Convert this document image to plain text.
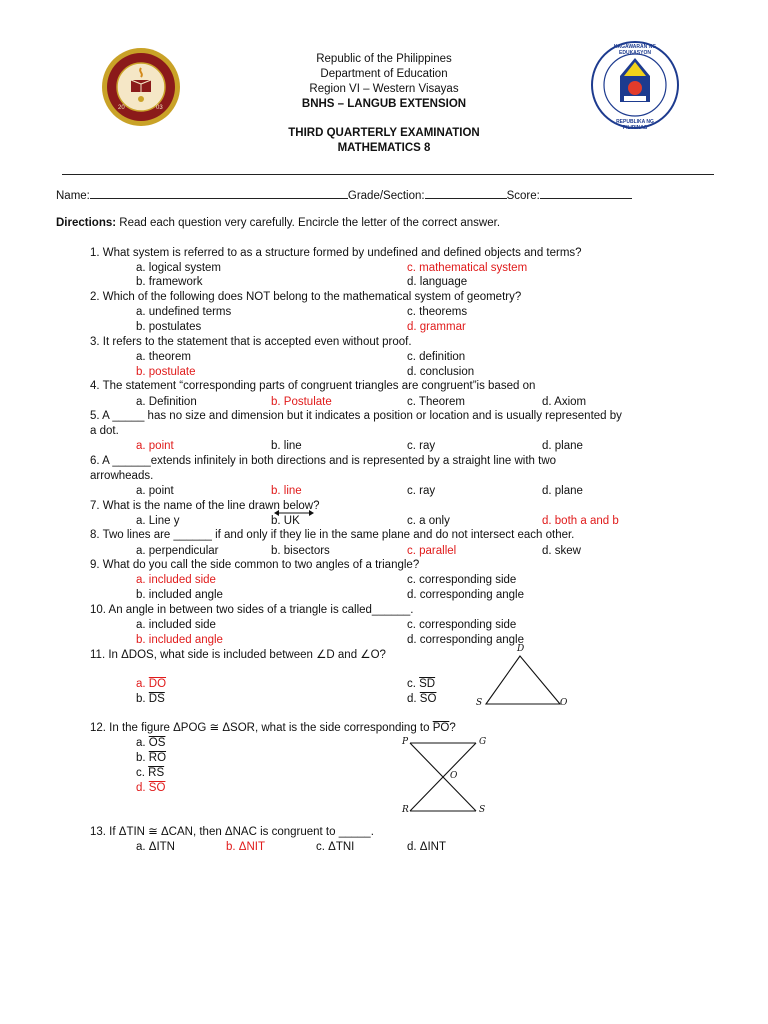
20	03
KAGAWARAN NG EDUKASYON
REPUBLIKA NG PILIPINAS
Republic of the Philippines
Department of Education
Region VI – Western Visayas
BNHS – LANGUB EXTENSION
THIRD QUARTERLY EXAMINATION
MATHEMATICS 8
Name:	Grade/Section:	Score:
Directions: Read each question very carefully. Encircle the letter of the correct answer.
1. What system is referred to as a structure formed by undefined and defined objects and terms?
a. logical system	c. mathematical system
b. framework	d. language
2. Which of the following does NOT belong to the mathematical system of geometry?
a. undefined terms	c. theorems
b. postulates	d. grammar
3. It refers to the statement that is accepted even without proof.
a. theorem	c. definition
b. postulate	d. conclusion
4. The statement “corresponding parts of congruent triangles are congruent”is based on
a. Definition	b. Postulate	c. Theorem	d. Axiom
5. A _____ has no size and dimension but it indicates a position or location and is usually represented by
a dot.
a. point	b. line	c. ray	d. plane
6. A ______extends infinitely in both directions and is represented by a straight line with two
arrowheads.
a. point	b. line	c. ray	d. plane
7. What is the name of the line drawn below?
a. Line y	b. UK	c. a only	d. both a and b
8. Two lines are ______ if and only if they lie in the same plane and do not intersect each other.
a. perpendicular	b. bisectors	c. parallel	d. skew
9. What do you call the side common to two angles of a triangle?
a. included side	c. corresponding side
b. included angle	d. corresponding angle
10. An angle in between two sides of a triangle is called______.
a. included side	c. corresponding side
b. included angle	d. corresponding angle
11. In ΔDOS, what side is included between ∠D and ∠O?
a. $\overline{DO}$	c. $\overline{SD}$
b. $\overline{DS}$	d. $\overline{SO}$
D
S	O
12. In the figure ΔPOG ≅ ΔSOR, what is the side corresponding to $\overline{PO}$?
a. $\overline{OS}$
b. $\overline{RO}$
c. $\overline{RS}$
d. $\overline{SO}$
P	G
O
R	S
13. If ΔTIN ≅ ΔCAN, then ΔNAC is congruent to _____.
a. ΔITN	b. ΔNIT	c. ΔTNI	d. ΔINT
